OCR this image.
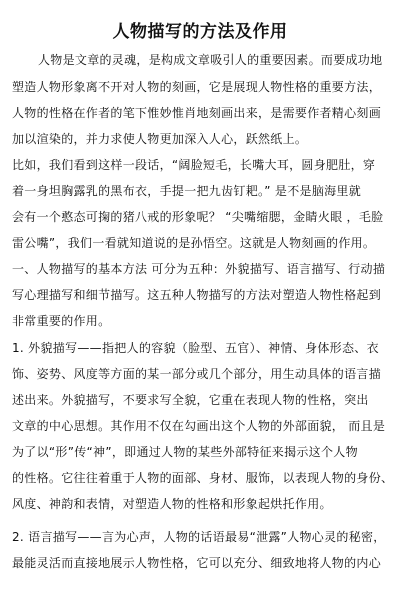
人物描写的方法及作用
人物是文章的灵魂，是构成文章吸引人的重要因素。而要成功地
塑造人物形象离不开对人物的刻画，它是展现人物性格的重要方法，
人物的性格在作者的笔下惟妙惟肖地刻画出来，是需要作者精心刻画
加以渲染的，并力求使人物更加深入人心，跃然纸上。
比如，我们看到这样一段话，“阔脸短毛，长嘴大耳，圆身肥肚，穿
着一身坦胸露乳的黑布衣，手提一把九齿钉耙。” 是不是脑海里就
会有一个憨态可掬的猪八戒的形象呢？ “尖嘴缩腮，金睛火眼 ，毛脸
雷公嘴”，我们一看就知道说的是孙悟空。这就是人物刻画的作用。
一、人物描写的基本方法 可分为五种：外貌描写、语言描写、行动描
写心理描写和细节描写。这五种人物描写的方法对塑造人物性格起到
非常重要的作用。
1. 外貌描写——指把人的容貌（脸型、五官）、神情、身体形态、衣
饰、姿势、风度等方面的某一部分或几个部分，用生动具体的语言描
述出来。外貌描写，不要求写全貌，它重在表现人物的性格，突出
文章的中心思想。其作用不仅在勾画出这个人物的外部面貌， 而且是
为了以“形”传“神”，即通过人物的某些外部特征来揭示这个人物
的性格。它往往着重于人物的面部、身材、服饰，以表现人物的身份、
风度、神韵和表情，对塑造人物的性格和形象起烘托作用。
2. 语言描写——言为心声，人物的话语最易“泄露”人物心灵的秘密，
最能灵活而直接地展示人物性格，它可以充分、细致地将人物的内心
